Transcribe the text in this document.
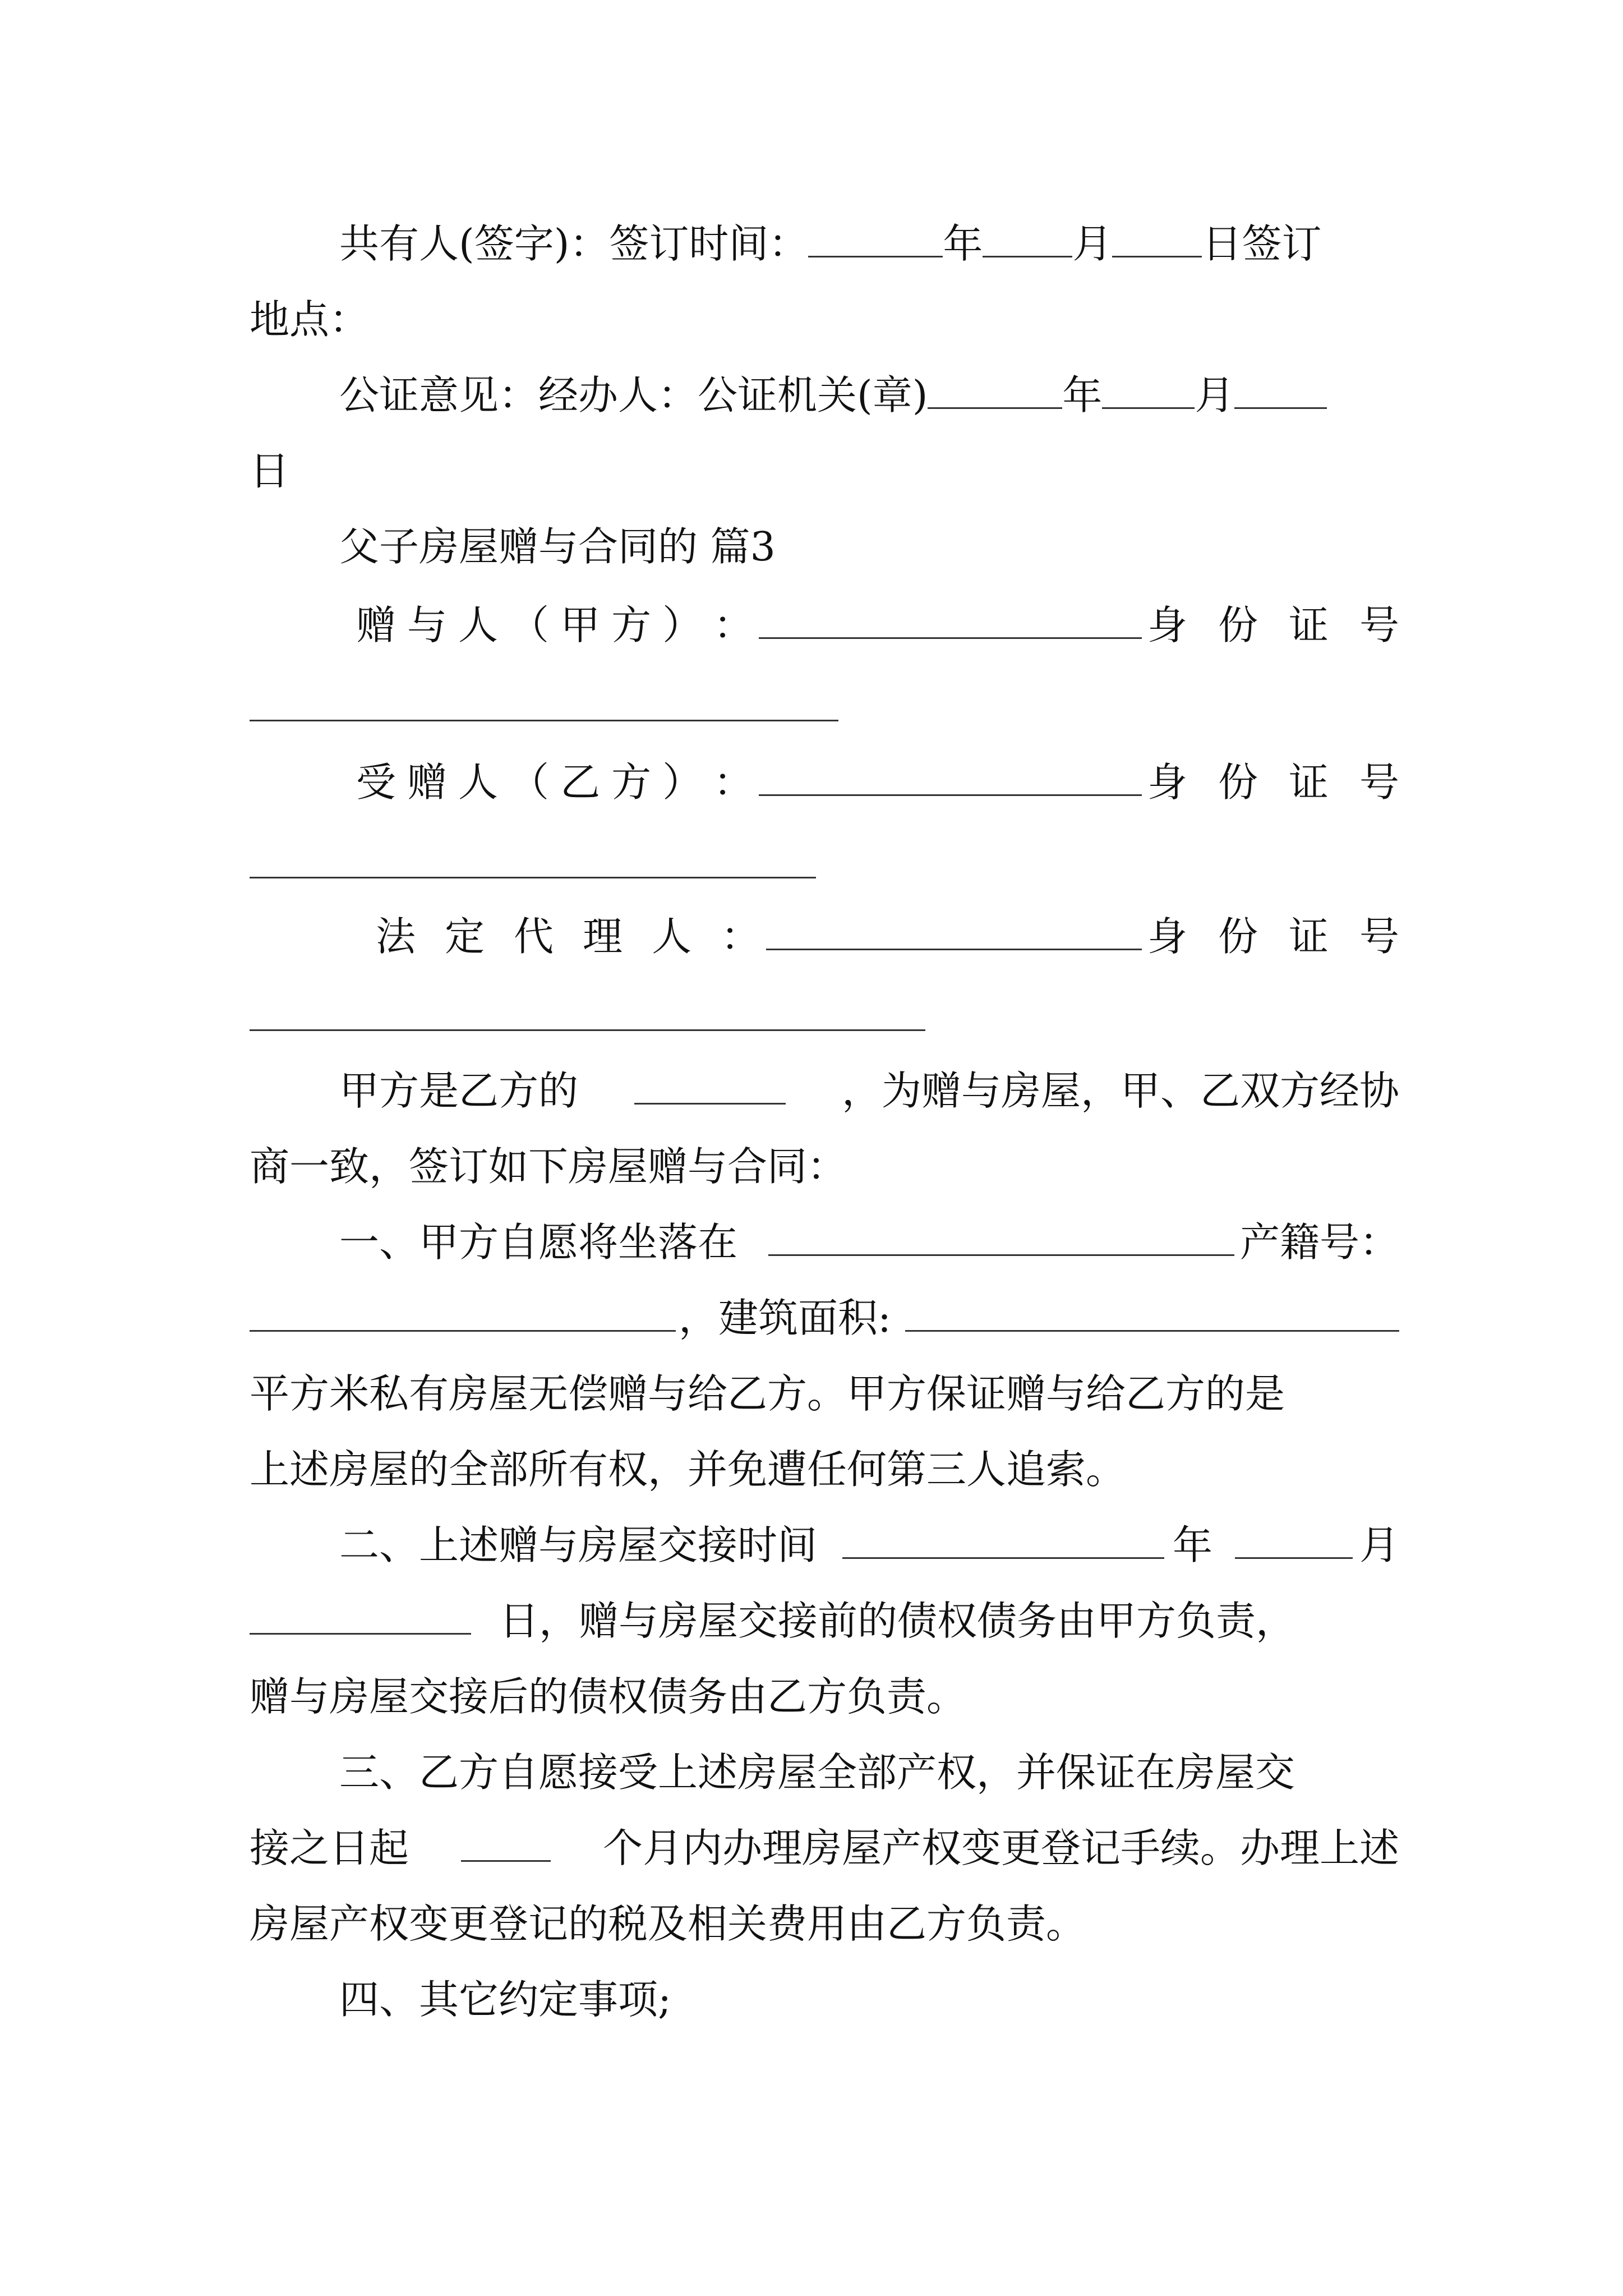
共有人(签字)：签订时间：	年 月 日签订
地点：
公证意见：经办人：公证机关(章)	年 月
日
父子房屋赠与合同的 篇3
赠 与 人 （ 甲 方 ） ：	身 份 证 号
受 赠 人 （ 乙 方 ） ：	身 份 证 号
法 定 代 理 人 ：	身 份 证 号
甲方是乙方的	，为赠与房屋，甲、乙双方经协
商一致，签订如下房屋赠与合同：
一、甲方自愿将坐落在	产籍号：
，建筑面积:
平方米私有房屋无偿赠与给乙方。甲方保证赠与给乙方的是
上述房屋的全部所有权，并免遭任何第三人追索。
二、上述赠与房屋交接时间	年	月
日，赠与房屋交接前的债权债务由甲方负责，
赠与房屋交接后的债权债务由乙方负责。
三、乙方自愿接受上述房屋全部产权，并保证在房屋交
接之日起	个月内办理房屋产权变更登记手续。办理上述
房屋产权变更登记的税及相关费用由乙方负责。
四、其它约定事项;
